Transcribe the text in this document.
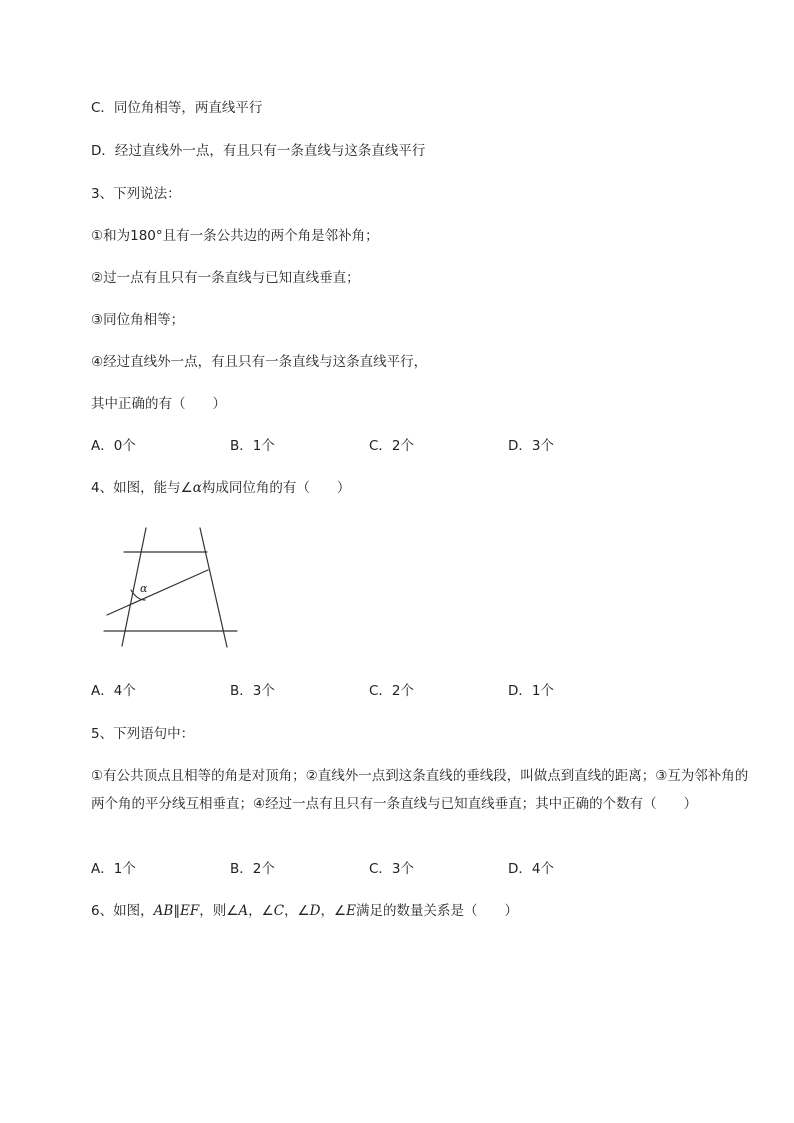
C．同位角相等，两直线平行
D．经过直线外一点，有且只有一条直线与这条直线平行
3、下列说法：
①和为180°且有一条公共边的两个角是邻补角；
②过一点有且只有一条直线与已知直线垂直；
③同位角相等；
④经过直线外一点，有且只有一条直线与这条直线平行，
其中正确的有（　　）
A．0个	B．1个	C．2个	D．3个
4、如图，能与∠α构成同位角的有（　　）
α
A．4个	B．3个	C．2个	D．1个
5、下列语句中：
①有公共顶点且相等的角是对顶角；②直线外一点到这条直线的垂线段，叫做点到直线的距离；③互为邻补角的两个角的平分线互相垂直；④经过一点有且只有一条直线与已知直线垂直；其中正确的个数有（　　）
A．1个	B．2个	C．3个	D．4个
6、如图，AB∥EF，则∠A，∠C，∠D，∠E满足的数量关系是（　　）
